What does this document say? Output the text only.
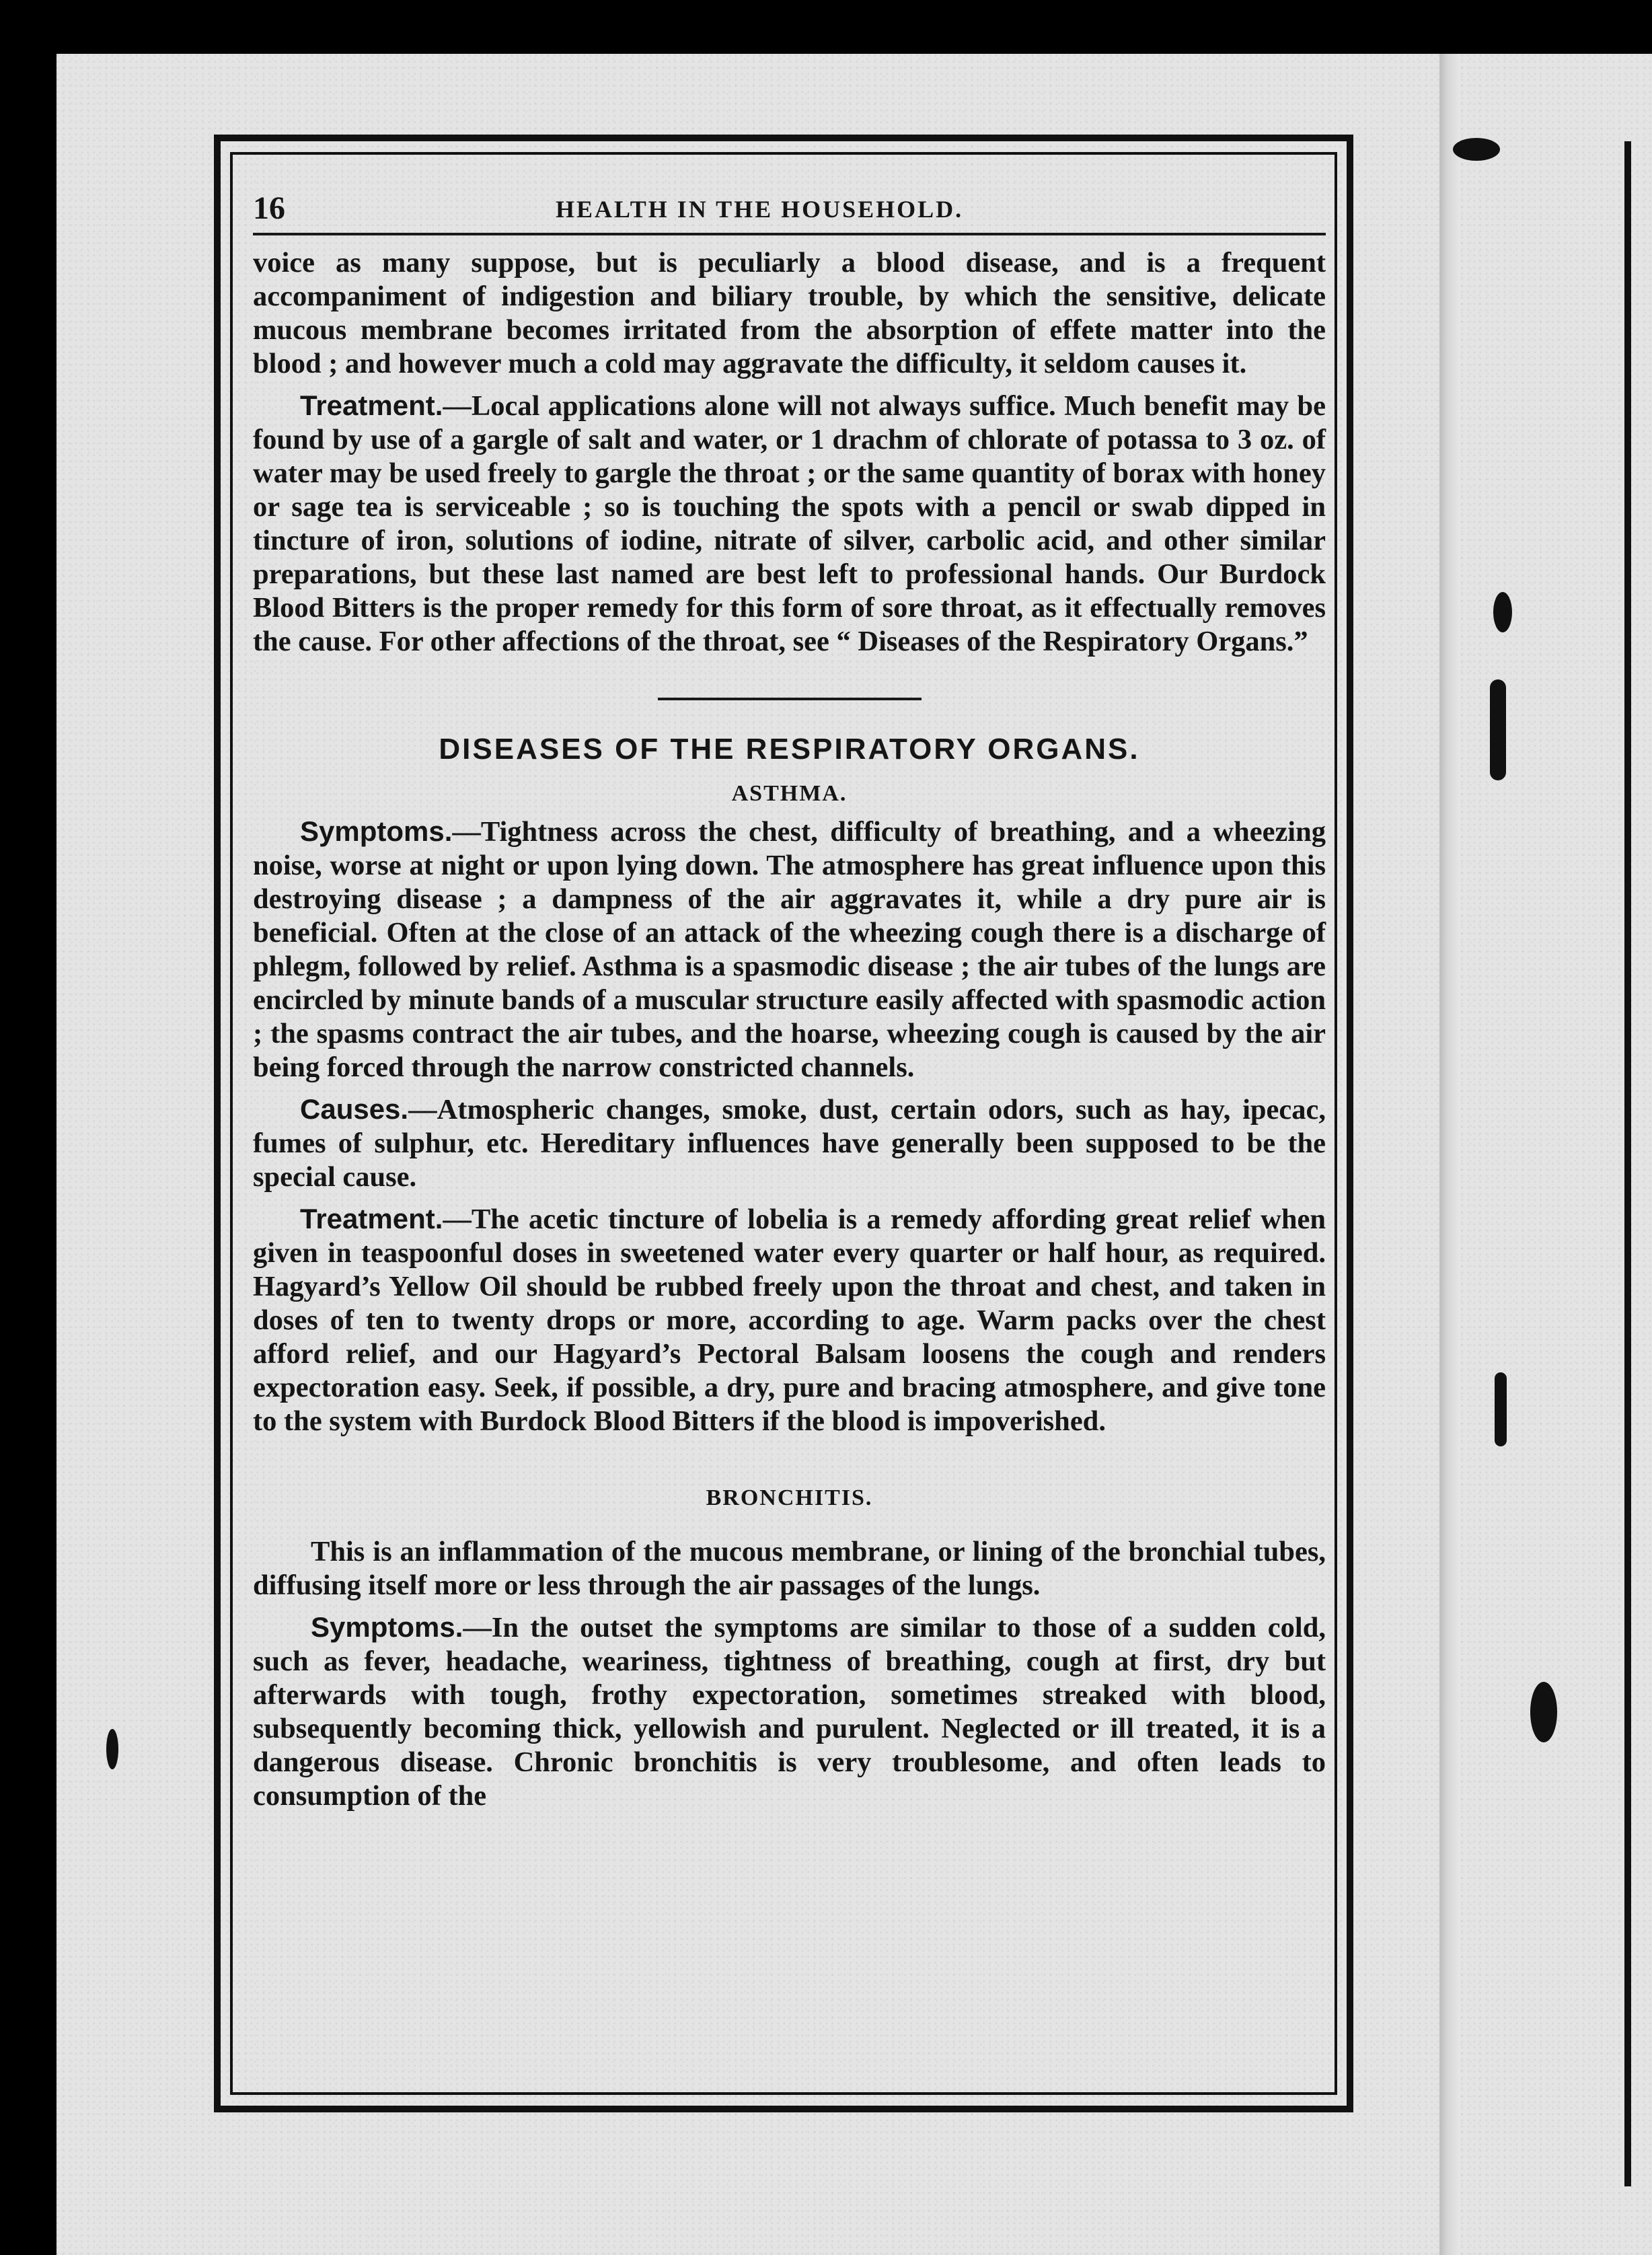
16	HEALTH IN THE HOUSEHOLD.

voice as many suppose, but is peculiarly a blood disease, and is a frequent accompaniment of indigestion and biliary trouble, by which the sensitive, delicate mucous membrane becomes irritated from the absorption of effete matter into the blood ; and however much a cold may aggravate the difficulty, it seldom causes it.

Treatment.—Local applications alone will not always suffice. Much benefit may be found by use of a gargle of salt and water, or 1 drachm of chlorate of potassa to 3 oz. of water may be used freely to gargle the throat ; or the same quantity of borax with honey or sage tea is serviceable ; so is touching the spots with a pencil or swab dipped in tincture of iron, solutions of iodine, nitrate of silver, carbolic acid, and other similar preparations, but these last named are best left to professional hands. Our Burdock Blood Bitters is the proper remedy for this form of sore throat, as it effectually removes the cause. For other affections of the throat, see “ Diseases of the Respiratory Organs.”

DISEASES OF THE RESPIRATORY ORGANS.
ASTHMA.

Symptoms.—Tightness across the chest, difficulty of breathing, and a wheezing noise, worse at night or upon lying down. The atmosphere has great influence upon this destroying disease ; a dampness of the air aggravates it, while a dry pure air is beneficial. Often at the close of an attack of the wheezing cough there is a discharge of phlegm, followed by relief. Asthma is a spasmodic disease ; the air tubes of the lungs are encircled by minute bands of a muscular structure easily affected with spasmodic action ; the spasms contract the air tubes, and the hoarse, wheezing cough is caused by the air being forced through the narrow constricted channels.

Causes.—Atmospheric changes, smoke, dust, certain odors, such as hay, ipecac, fumes of sulphur, etc. Hereditary influences have generally been supposed to be the special cause.

Treatment.—The acetic tincture of lobelia is a remedy affording great relief when given in teaspoonful doses in sweetened water every quarter or half hour, as required. Hagyard’s Yellow Oil should be rubbed freely upon the throat and chest, and taken in doses of ten to twenty drops or more, according to age. Warm packs over the chest afford relief, and our Hagyard’s Pectoral Balsam loosens the cough and renders expectoration easy. Seek, if possible, a dry, pure and bracing atmosphere, and give tone to the system with Burdock Blood Bitters if the blood is impoverished.

BRONCHITIS.

This is an inflammation of the mucous membrane, or lining of the bronchial tubes, diffusing itself more or less through the air passages of the lungs.

Symptoms.—In the outset the symptoms are similar to those of a sudden cold, such as fever, headache, weariness, tightness of breathing, cough at first, dry but afterwards with tough, frothy expectoration, sometimes streaked with blood, subsequently becoming thick, yellowish and purulent. Neglected or ill treated, it is a dangerous disease. Chronic bronchitis is very troublesome, and often leads to consumption of the
